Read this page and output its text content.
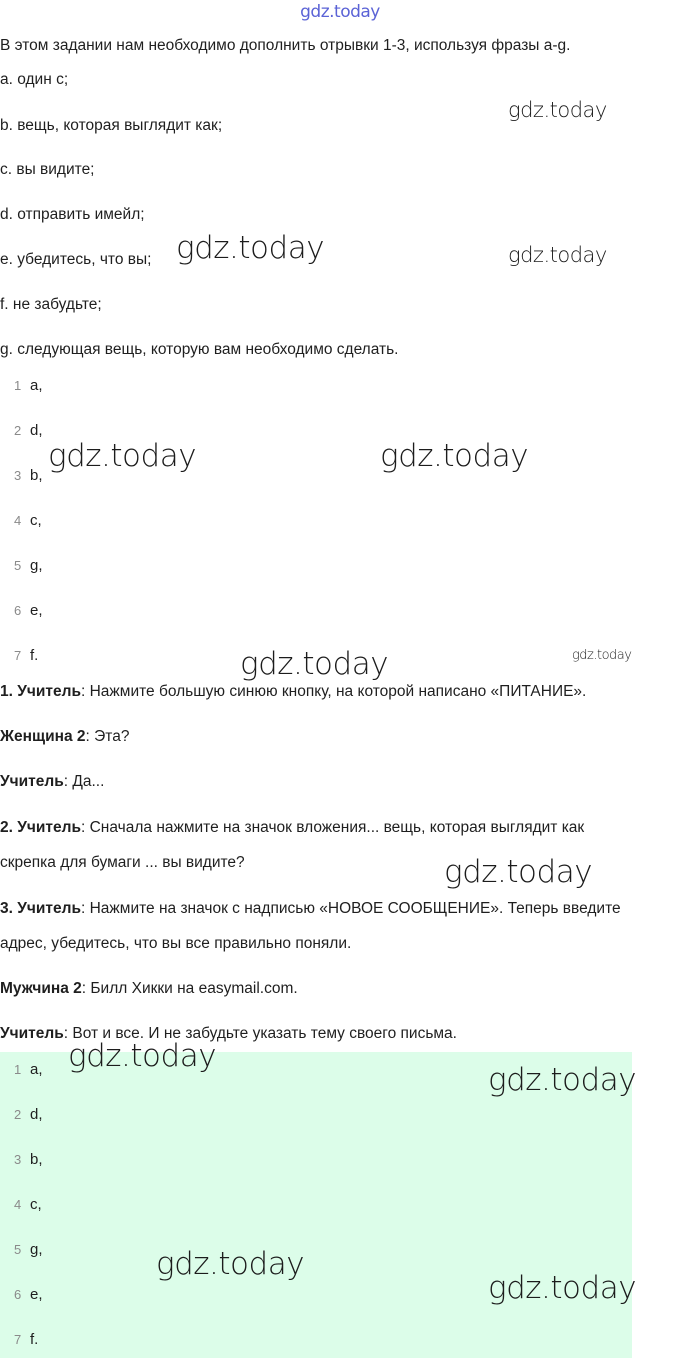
gdz.today
В этом задании нам необходимо дополнить отрывки 1-3, используя фразы a-g.
a. один с;
b. вещь, которая выглядит как;
c. вы видите;
d. отправить имейл;
e. убедитесь, что вы;
f. не забудьте;
g. следующая вещь, которую вам необходимо сделать.
1 a,
2 d,
3 b,
4 c,
5 g,
6 e,
7 f.
1. Учитель: Нажмите большую синюю кнопку, на которой написано «ПИТАНИЕ».
Женщина 2: Эта?
Учитель: Да...
2. Учитель: Сначала нажмите на значок вложения... вещь, которая выглядит как
скрепка для бумаги ... вы видите?
3. Учитель: Нажмите на значок с надписью «НОВОЕ СООБЩЕНИЕ». Теперь введите
адрес, убедитесь, что вы все правильно поняли.
Мужчина 2: Билл Хикки на easymail.com.
Учитель: Вот и все. И не забудьте указать тему своего письма.
1 a,
2 d,
3 b,
4 c,
5 g,
6 e,
7 f.
gdz.today
gdz.today	gdz.today
gdz.today	gdz.today
gdz.today	gdz.today
gdz.today
gdz.today
gdz.today
gdz.today
gdz.today
